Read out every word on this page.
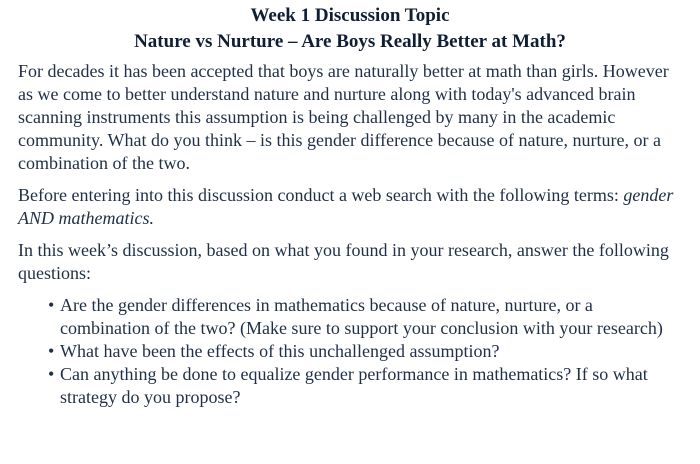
Week 1 Discussion Topic
Nature vs Nurture – Are Boys Really Better at Math?

For decades it has been accepted that boys are naturally better at math than girls. However as we come to better understand nature and nurture along with today's advanced brain scanning instruments this assumption is being challenged by many in the academic community. What do you think – is this gender difference because of nature, nurture, or a combination of the two.

Before entering into this discussion conduct a web search with the following terms: gender AND mathematics.

In this week’s discussion, based on what you found in your research, answer the following questions:

• Are the gender differences in mathematics because of nature, nurture, or a combination of the two? (Make sure to support your conclusion with your research)
• What have been the effects of this unchallenged assumption?
• Can anything be done to equalize gender performance in mathematics? If so what strategy do you propose?
